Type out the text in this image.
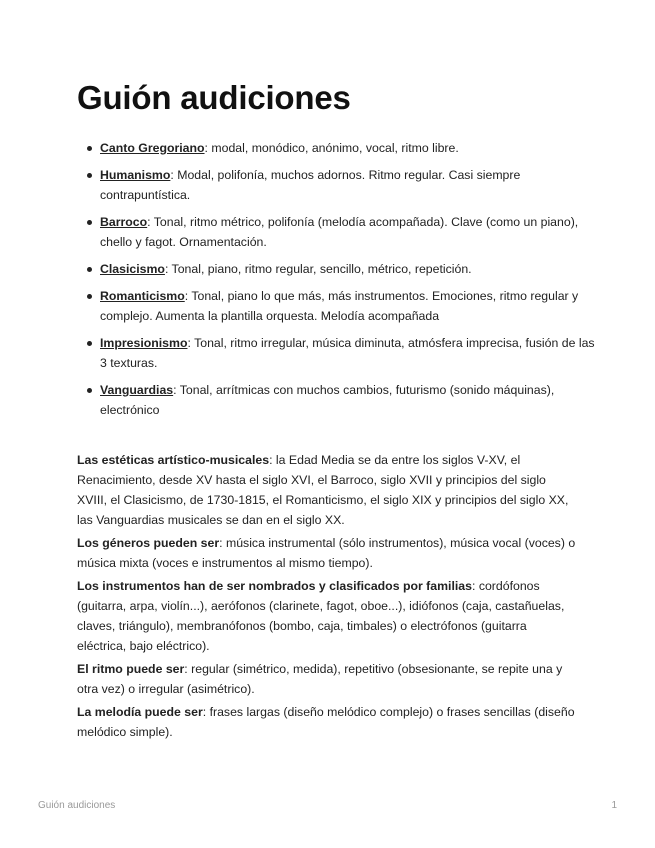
Guión audiciones
Canto Gregoriano: modal, monódico, anónimo, vocal, ritmo libre.
Humanismo: Modal, polifonía, muchos adornos. Ritmo regular. Casi siempre contrapuntística.
Barroco: Tonal, ritmo métrico, polifonía (melodía acompañada). Clave (como un piano), chello y fagot. Ornamentación.
Clasicismo: Tonal, piano, ritmo regular, sencillo, métrico, repetición.
Romanticismo: Tonal, piano lo que más, más instrumentos. Emociones, ritmo regular y complejo. Aumenta la plantilla orquesta. Melodía acompañada
Impresionismo: Tonal, ritmo irregular, música diminuta, atmósfera imprecisa, fusión de las 3 texturas.
Vanguardias: Tonal, arrítmicas con muchos cambios, futurismo (sonido máquinas), electrónico

Las estéticas artístico-musicales: la Edad Media se da entre los siglos V-XV, el Renacimiento, desde XV hasta el siglo XVI, el Barroco, siglo XVII y principios del siglo XVIII, el Clasicismo, de 1730-1815, el Romanticismo, el siglo XIX y principios del siglo XX, las Vanguardias musicales se dan en el siglo XX.

Los géneros pueden ser: música instrumental (sólo instrumentos), música vocal (voces) o música mixta (voces e instrumentos al mismo tiempo).

Los instrumentos han de ser nombrados y clasificados por familias: cordófonos (guitarra, arpa, violín...), aerófonos (clarinete, fagot, oboe...), idiófonos (caja, castañuelas, claves, triángulo), membranófonos (bombo, caja, timbales) o electrófonos (guitarra eléctrica, bajo eléctrico).

El ritmo puede ser: regular (simétrico, medida), repetitivo (obsesionante, se repite una y otra vez) o irregular (asimétrico).

La melodía puede ser: frases largas (diseño melódico complejo) o frases sencillas (diseño melódico simple).

Guión audiciones	1
